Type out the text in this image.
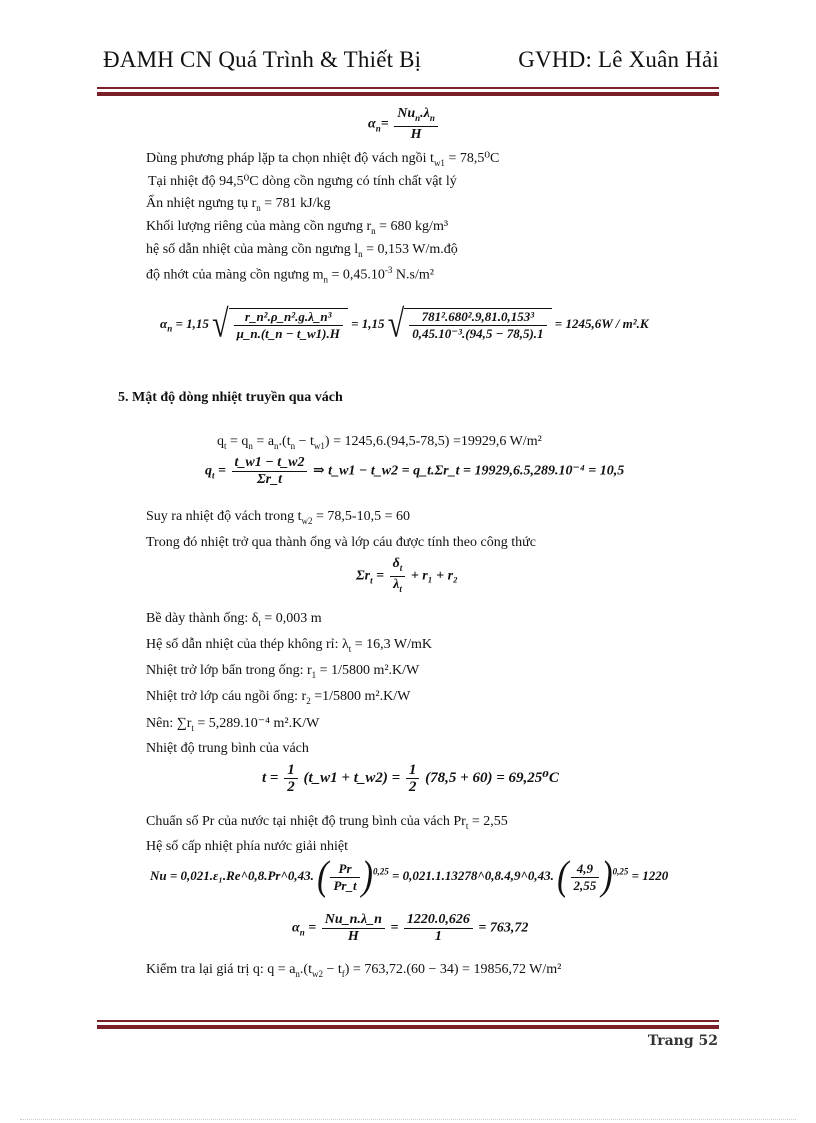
ĐAMH CN Quá Trình & Thiết Bị	GVHD: Lê Xuân Hải
$\alpha_n= \frac{Nu_n.\lambda_n}{H}$
Dùng phương pháp lặp ta chọn nhiệt độ vách ngồi $t_{w1} = 78,5^0C$
Tại nhiệt độ 94,5⁰C dòng cồn ngưng có tính chất vật lý
Ẩn nhiệt ngưng tụ $r_n = 781$ kJ/kg
Khối lượng riêng của màng cồn ngưng $r_n = 680$ kg/m³
hệ số dẫn nhiệt của màng cồn ngưng $l_n = 0,153$ W/m.độ
độ nhớt của màng cồn ngưng $m_n = 0,45.10^{-3}$ N.s/m²
$\alpha_n = 1,15$ √ $\frac{\text{r\_n².ρ\_n².g.λ\_n³}}{\mu\_n.(t\_n - t\_w1).H} = 1,15$ √ $\frac{\text{781².680².9,81.0,153³}}{\text{0,45.10⁻³.(94,5 − 78,5).1}} = 1245,6W / m^2.K$
5. Mật độ dòng nhiệt truyền qua vách
$q_t = q_n = a_n.(t_n - t_{w1}) = 1245,6.(94,5-78,5) =19929,6$ W/m²
$q_t = \frac{t\_w1 - t\_w2}{\Sigma r\_t}$ ⇒ t_w1 − t_w2 = q_t.Σr_t = 19929,6.5,289.10⁻⁴ = 10,5
Suy ra nhiệt độ vách trong $t_{w2} = 78,5-10,5 = 60$
Trong đó nhiệt trở qua thành ống và lớp cáu được tính theo công thức
$\Sigma r_t = \frac{\delta_t}{\lambda_t} + r_1 + r_2$
Bề dày thành ống: $\delta_t = 0,003$ m
Hệ số dẫn nhiệt của thép không rỉ: $\lambda_t = 16,3$ W/mK
Nhiệt trở lớp bẩn trong ống: $r_1 = 1/5800$ m².K/W
Nhiệt trở lớp cáu ngồi ống: $r_2 =1/5800$ m².K/W
Nên: $\sum r_t = 5,289.10^{-4}$ m².K/W
Nhiệt độ trung bình của vách
$t = \frac{1}{2}$ (t_w1 + t_w2) = $\frac{1}{2} (78,5 + 60) = 69,25^0C$
Chuẩn số Pr của nước tại nhiệt độ trung bình của vách $Pr_t = 2,55$
Hệ số cấp nhiệt phía nước giải nhiệt
Nu = 0,021.ε₁.Re^0,8.Pr^0,43. ( $\frac{Pr}{Pr\_t} )^{0,25}$ = 0,021.1.13278^0,8.4,9^0,43. ( $\frac{4,9}{2,55} )^{0,25} = 1220$
$\alpha_n = \frac{Nu\_n.\lambda\_n}{H} = \frac{1220.0,626}{1} = 763,72$
Kiểm tra lại giá trị q: $q = a_n.(t_{w2} - t_f) = 763,72.(60 - 34) = 19856,72$ W/m²
Trang 52
